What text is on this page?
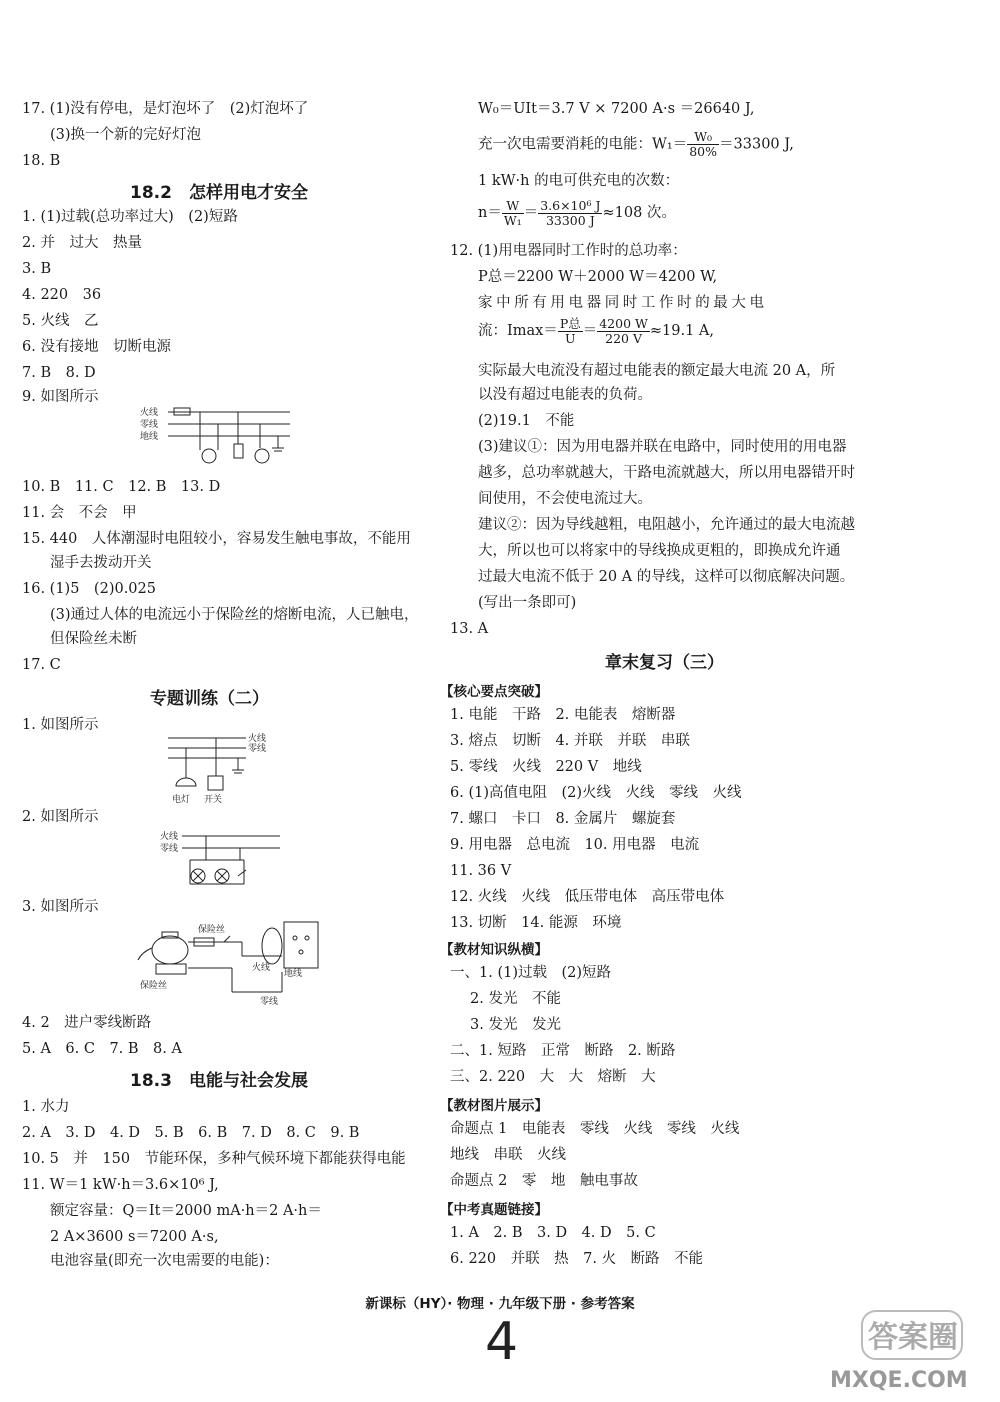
17. (1)没有停电，是灯泡坏了　(2)灯泡坏了
(3)换一个新的完好灯泡
18. B
18.2　怎样用电才安全
1. (1)过载(总功率过大)　(2)短路
2. 并　过大　热量
3. B
4. 220　36
5. 火线　乙
6. 没有接地　切断电源
7. B　8. D
9. 如图所示
火线
零线
地线
10. B　11. C　12. B　13. D
11. 会　不会　甲
15. 440　人体潮湿时电阻较小，容易发生触电事故，不能用
湿手去拨动开关
16. (1)5　(2)0.025
(3)通过人体的电流远小于保险丝的熔断电流，人已触电，
但保险丝未断
17. C
专题训练（二）
1. 如图所示
火线
零线
电灯 开关
2. 如图所示
火线
零线
3. 如图所示
保险丝
保险丝
火线
地线
零线
4. 2　进户零线断路
5. A　6. C　7. B　8. A
18.3　电能与社会发展
1. 水力
2. A　3. D　4. D　5. B　6. B　7. D　8. C　9. B
10. 5　并　150　节能环保，多种气候环境下都能获得电能
11. W＝1 kW·h＝3.6×10⁶ J,
额定容量：Q＝It＝2000 mA·h＝2 A·h＝
2 A×3600 s＝7200 A·s,
电池容量(即充一次电需要的电能)：
W₀＝UIt＝3.7 V × 7200 A·s ＝26640 J,
充一次电需要消耗的电能：$W_1= \frac{\text{W₀}}{80\%} =33300$ J,
1 kW·h 的电可供充电的次数：
$n= \frac{W}{\text{W₁}} = \frac{\text{3.6×10⁶ J}}{33300 J} \approx 108$ 次。
12. (1)用电器同时工作时的总功率：
P总＝2200 W＋2000 W＝4200 W,
家中所有用电器同时工作时的最大电
流：$Imax= \frac{\text{P总}}{U} = \frac{4200 W}{220 V} \approx 19.1$ A,
实际最大电流没有超过电能表的额定最大电流 20 A，所
以没有超过电能表的负荷。
(2)19.1　不能
(3)建议①：因为用电器并联在电路中，同时使用的用电器
越多，总功率就越大，干路电流就越大，所以用电器错开时
间使用，不会使电流过大。
建议②：因为导线越粗，电阻越小，允许通过的最大电流越
大，所以也可以将家中的导线换成更粗的，即换成允许通
过最大电流不低于 20 A 的导线，这样可以彻底解决问题。
(写出一条即可)
13. A
章末复习（三）
【核心要点突破】
1. 电能　干路　2. 电能表　熔断器
3. 熔点　切断　4. 并联　并联　串联
5. 零线　火线　220 V　地线
6. (1)高值电阻　(2)火线　火线　零线　火线
7. 螺口　卡口　8. 金属片　螺旋套
9. 用电器　总电流　10. 用电器　电流
11. 36 V
12. 火线　火线　低压带电体　高压带电体
13. 切断　14. 能源　环境
【教材知识纵横】
一、1. (1)过载　(2)短路
2. 发光　不能
3. 发光　发光
二、1. 短路　正常　断路　2. 断路
三、2. 220　大　大　熔断　大
【教材图片展示】
命题点 1　电能表　零线　火线　零线　火线
地线　串联　火线
命题点 2　零　地　触电事故
【中考真题链接】
1. A　2. B　3. D　4. D　5. C
6. 220　并联　热　7. 火　断路　不能
新课标（HY）· 物理 · 九年级下册 · 参考答案
4	答案圈
MXQE.COM
